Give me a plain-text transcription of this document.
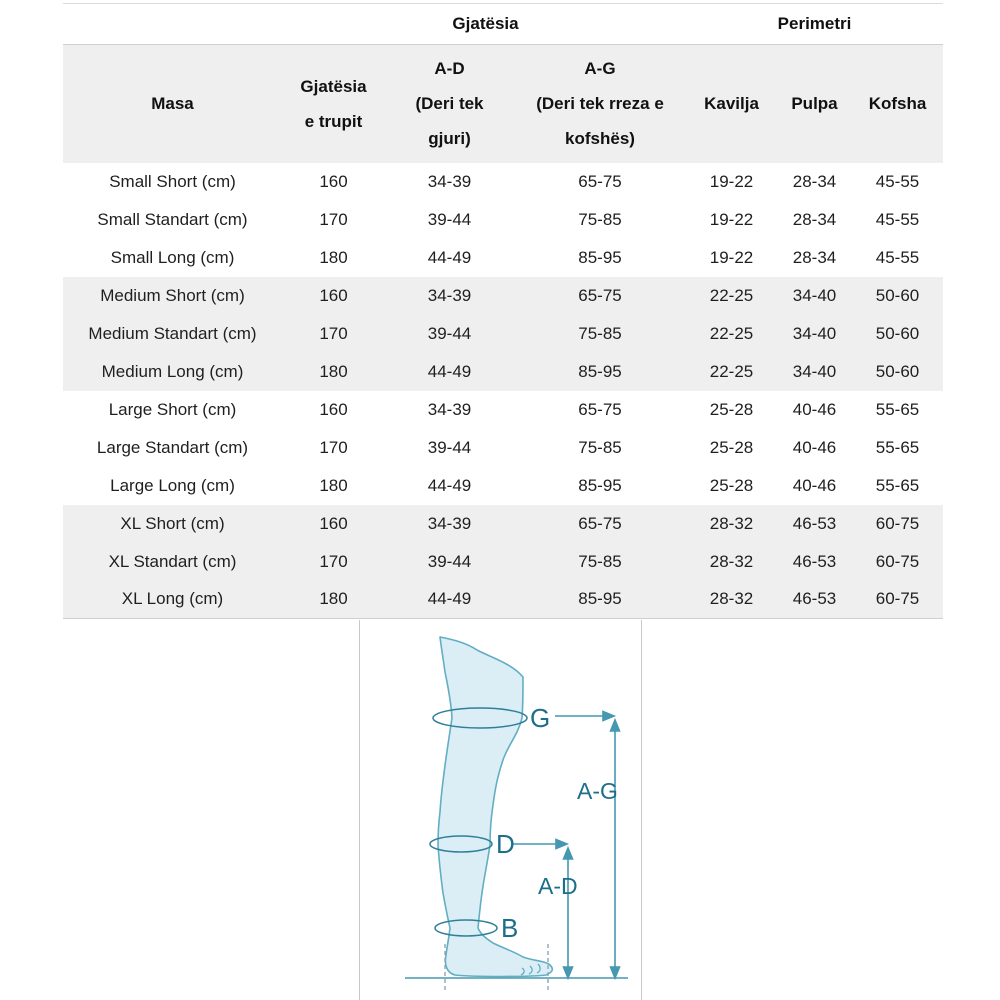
		Gjatësia		Perimetri		

Masa

Gjatësia
e trupit

A-D
(Deri tek
gjuri)

A-G
(Deri tek rreza e
kofshës)

Kavilja	Pulpa	Kofsha

Small Short (cm)	160	34-39	65-75	19-22	28-34	45-55
Small Standart (cm)	170	39-44	75-85	19-22	28-34	45-55
Small Long (cm)	180	44-49	85-95	19-22	28-34	45-55
Medium Short (cm)	160	34-39	65-75	22-25	34-40	50-60
Medium Standart (cm)	170	39-44	75-85	22-25	34-40	50-60
Medium Long (cm)	180	44-49	85-95	22-25	34-40	50-60
Large Short (cm)	160	34-39	65-75	25-28	40-46	55-65
Large Standart (cm)	170	39-44	75-85	25-28	40-46	55-65
Large Long (cm)	180	44-49	85-95	25-28	40-46	55-65
XL Short (cm)	160	34-39	65-75	28-32	46-53	60-75
XL Standart (cm)	170	39-44	75-85	28-32	46-53	60-75
XL Long (cm)	180	44-49	85-95	28-32	46-53	60-75
G
D
B
A-G
A-D
